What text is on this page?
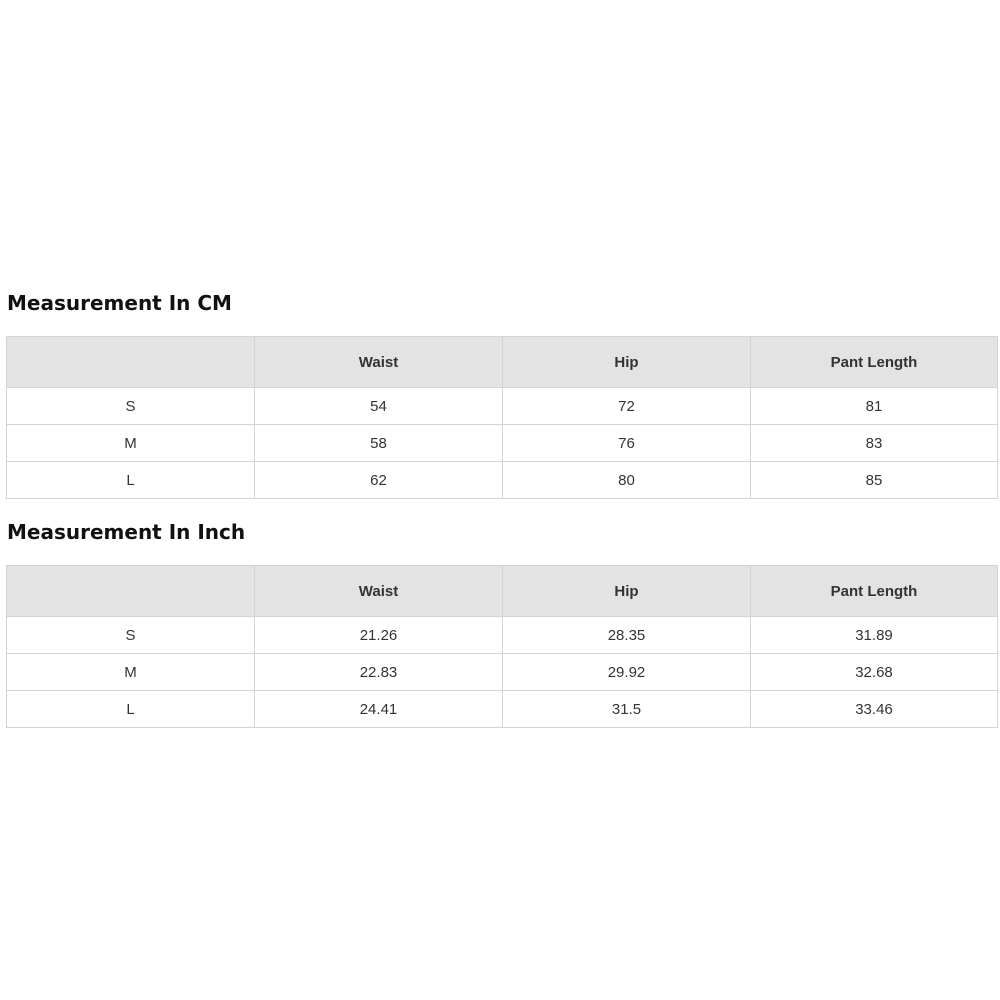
Measurement In CM
	Waist	Hip	Pant Length
S	54	72	81
M	58	76	83
L	62	80	85
Measurement In Inch
	Waist	Hip	Pant Length
S	21.26	28.35	31.89
M	22.83	29.92	32.68
L	24.41	31.5	33.46
